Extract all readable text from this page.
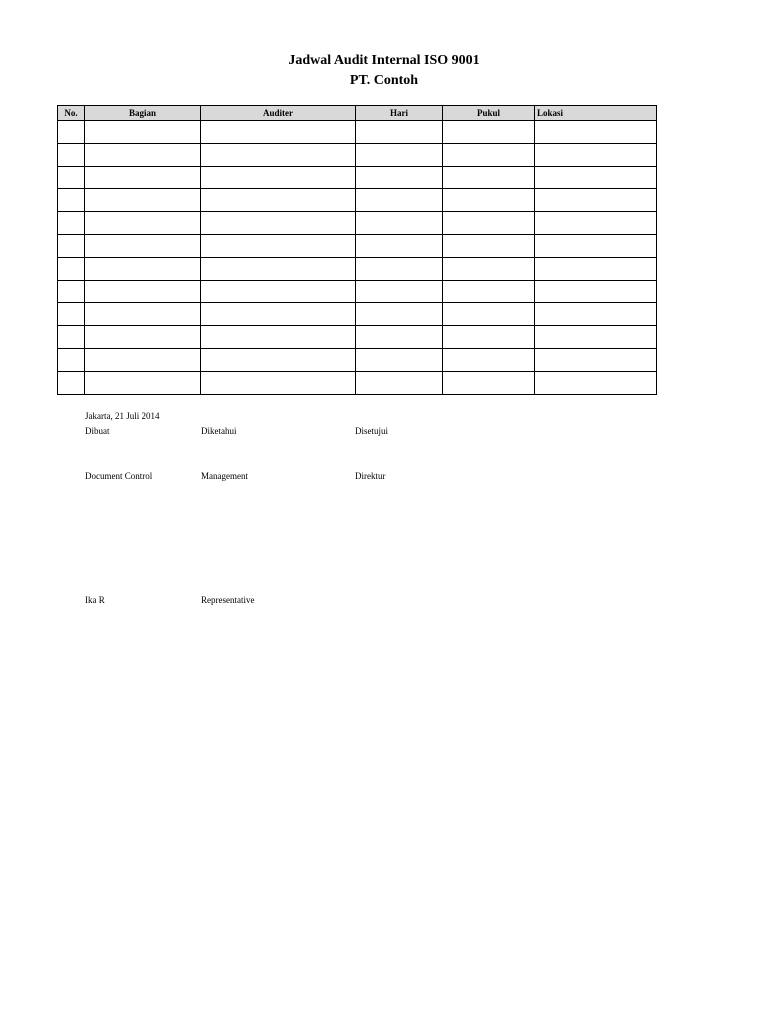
Jadwal Audit Internal ISO 9001
PT. Contoh
No.	Bagian	Auditer	Hari	Pukul	Lokasi

Jakarta, 21 Juli 2014
Dibuat	Diketahui	Disetujui
Document Control	Management	Direktur
Ika R	Representative
